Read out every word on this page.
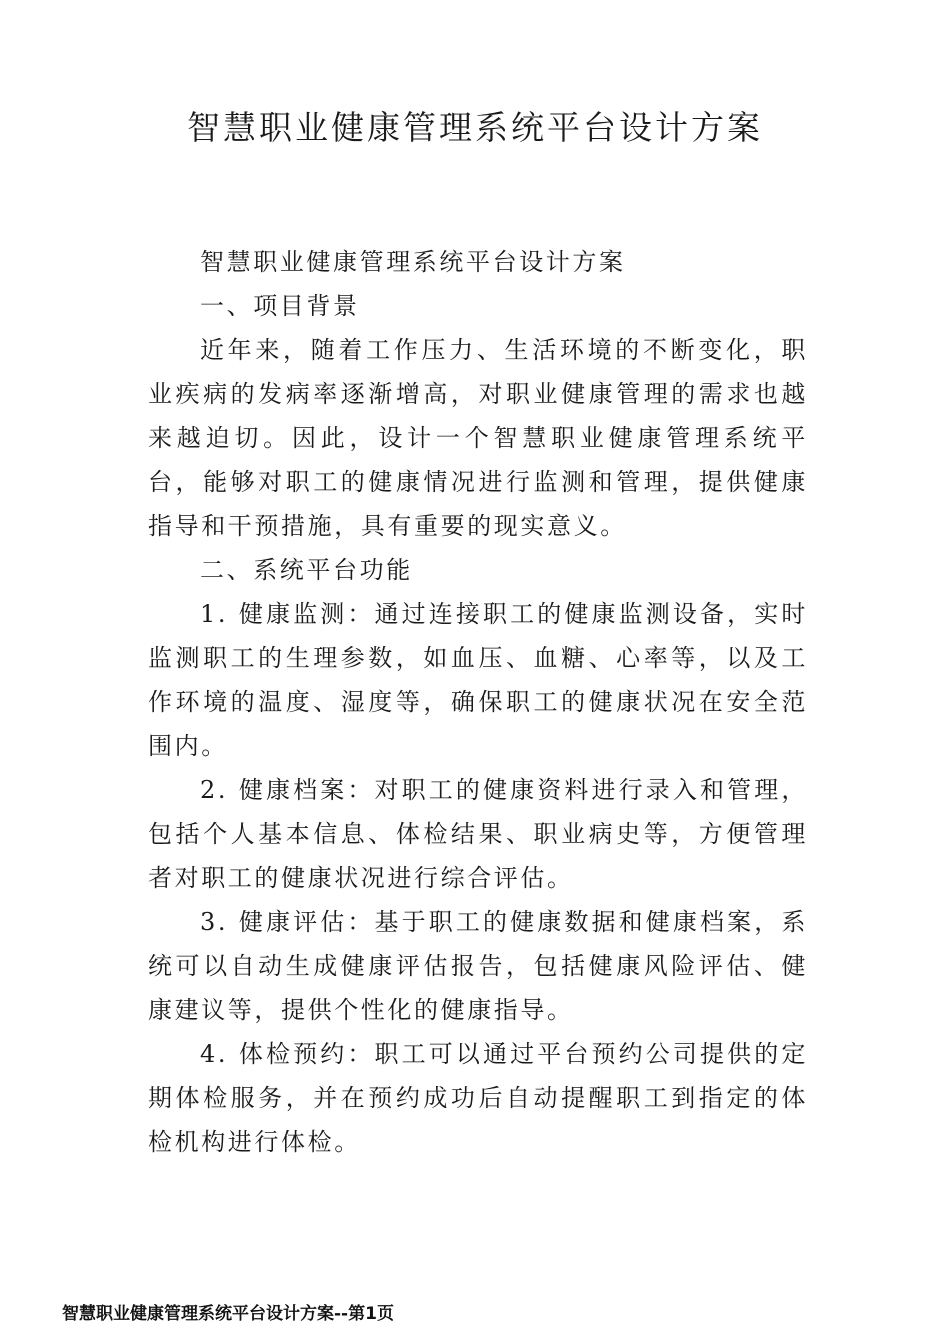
智慧职业健康管理系统平台设计方案

智慧职业健康管理系统平台设计方案

一、项目背景

近年来，随着工作压力、生活环境的不断变化，职业疾病的发病率逐渐增高，对职业健康管理的需求也越来越迫切。因此，设计一个智慧职业健康管理系统平台，能够对职工的健康情况进行监测和管理，提供健康指导和干预措施，具有重要的现实意义。

二、系统平台功能

1. 健康监测：通过连接职工的健康监测设备，实时监测职工的生理参数，如血压、血糖、心率等，以及工作环境的温度、湿度等，确保职工的健康状况在安全范围内。

2. 健康档案：对职工的健康资料进行录入和管理，包括个人基本信息、体检结果、职业病史等，方便管理者对职工的健康状况进行综合评估。

3. 健康评估：基于职工的健康数据和健康档案，系统可以自动生成健康评估报告，包括健康风险评估、健康建议等，提供个性化的健康指导。

4. 体检预约：职工可以通过平台预约公司提供的定期体检服务，并在预约成功后自动提醒职工到指定的体检机构进行体检。

智慧职业健康管理系统平台设计方案--第1页
